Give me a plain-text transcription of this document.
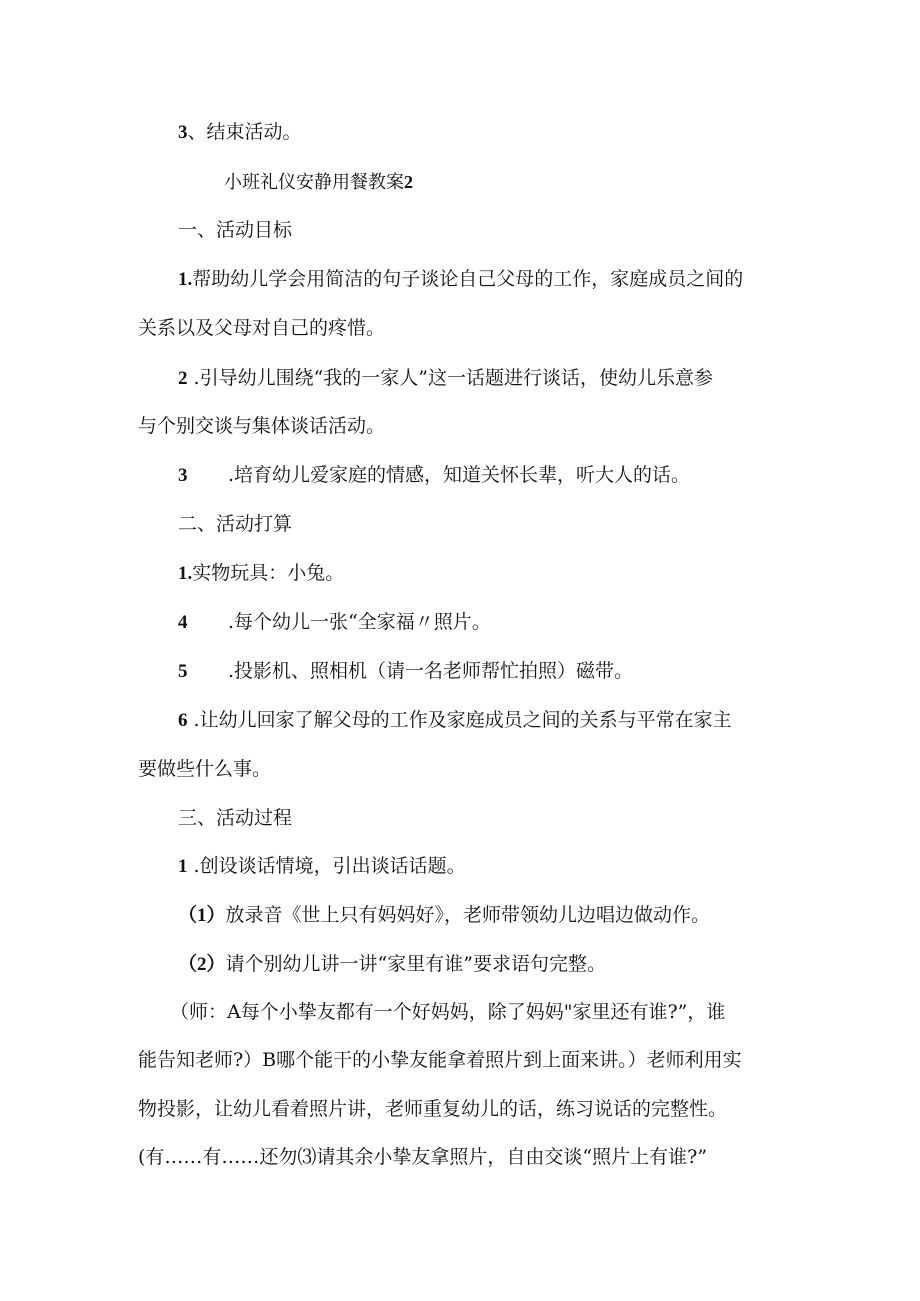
3、结束活动。
小班礼仪安静用餐教案2
一、活动目标
1.帮助幼儿学会用简洁的句子谈论自己父母的工作，家庭成员之间的
关系以及父母对自己的疼惜。
2 .引导幼儿围绕“我的一家人”这一话题进行谈话，使幼儿乐意参
与个别交谈与集体谈话活动。
3 .培育幼儿爱家庭的情感，知道关怀长辈，听大人的话。
二、活动打算
1.实物玩具：小兔。
4 .每个幼儿一张“全家福〃照片。
5 .投影机、照相机（请一名老师帮忙拍照）磁带。
6 .让幼儿回家了解父母的工作及家庭成员之间的关系与平常在家主
要做些什么事。
三、活动过程
1 .创设谈话情境，引出谈话话题。
（1）放录音《世上只有妈妈好》，老师带领幼儿边唱边做动作。
（2）请个别幼儿讲一讲“家里有谁”要求语句完整。
（师：A每个小挚友都有一个好妈妈，除了妈妈"家里还有谁?”，谁
能告知老师?）B哪个能干的小挚友能拿着照片到上面来讲。）老师利用实
物投影，让幼儿看着照片讲，老师重复幼儿的话，练习说话的完整性。
(有……有……还勿⑶请其余小挚友拿照片，自由交谈“照片上有谁?”
